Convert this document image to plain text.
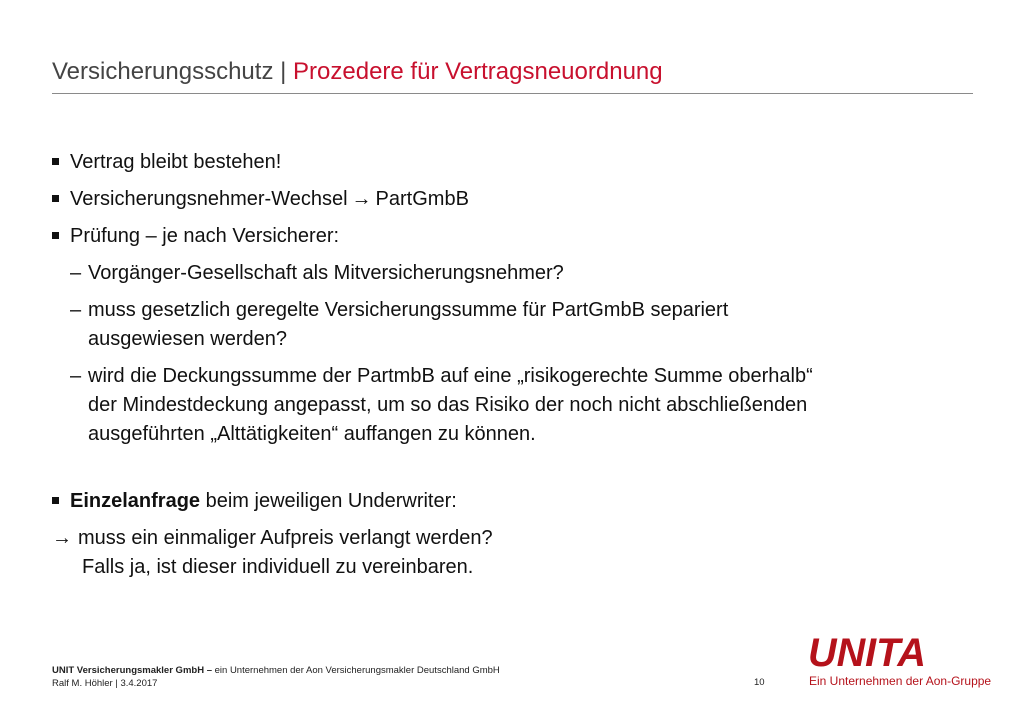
Versicherungsschutz | Prozedere für Vertragsneuordnung
Vertrag bleibt bestehen!
Versicherungsnehmer-Wechsel → PartGmbB
Prüfung – je nach Versicherer:
– Vorgänger-Gesellschaft als Mitversicherungsnehmer?
– muss gesetzlich geregelte Versicherungssumme für PartGmbB separiert
ausgewiesen werden?
– wird die Deckungssumme der PartmbB auf eine „risikogerechte Summe oberhalb“
der Mindestdeckung angepasst, um so das Risiko der noch nicht abschließenden
ausgeführten „Alttätigkeiten“ auffangen zu können.
Einzelanfrage beim jeweiligen Underwriter:
→ muss ein einmaliger Aufpreis verlangt werden?
Falls ja, ist dieser individuell zu vereinbaren.
UNIT Versicherungsmakler GmbH – ein Unternehmen der Aon Versicherungsmakler Deutschland GmbH
Ralf M. Höhler | 3.4.2017	10
UNITA
Ein Unternehmen der Aon-Gruppe
